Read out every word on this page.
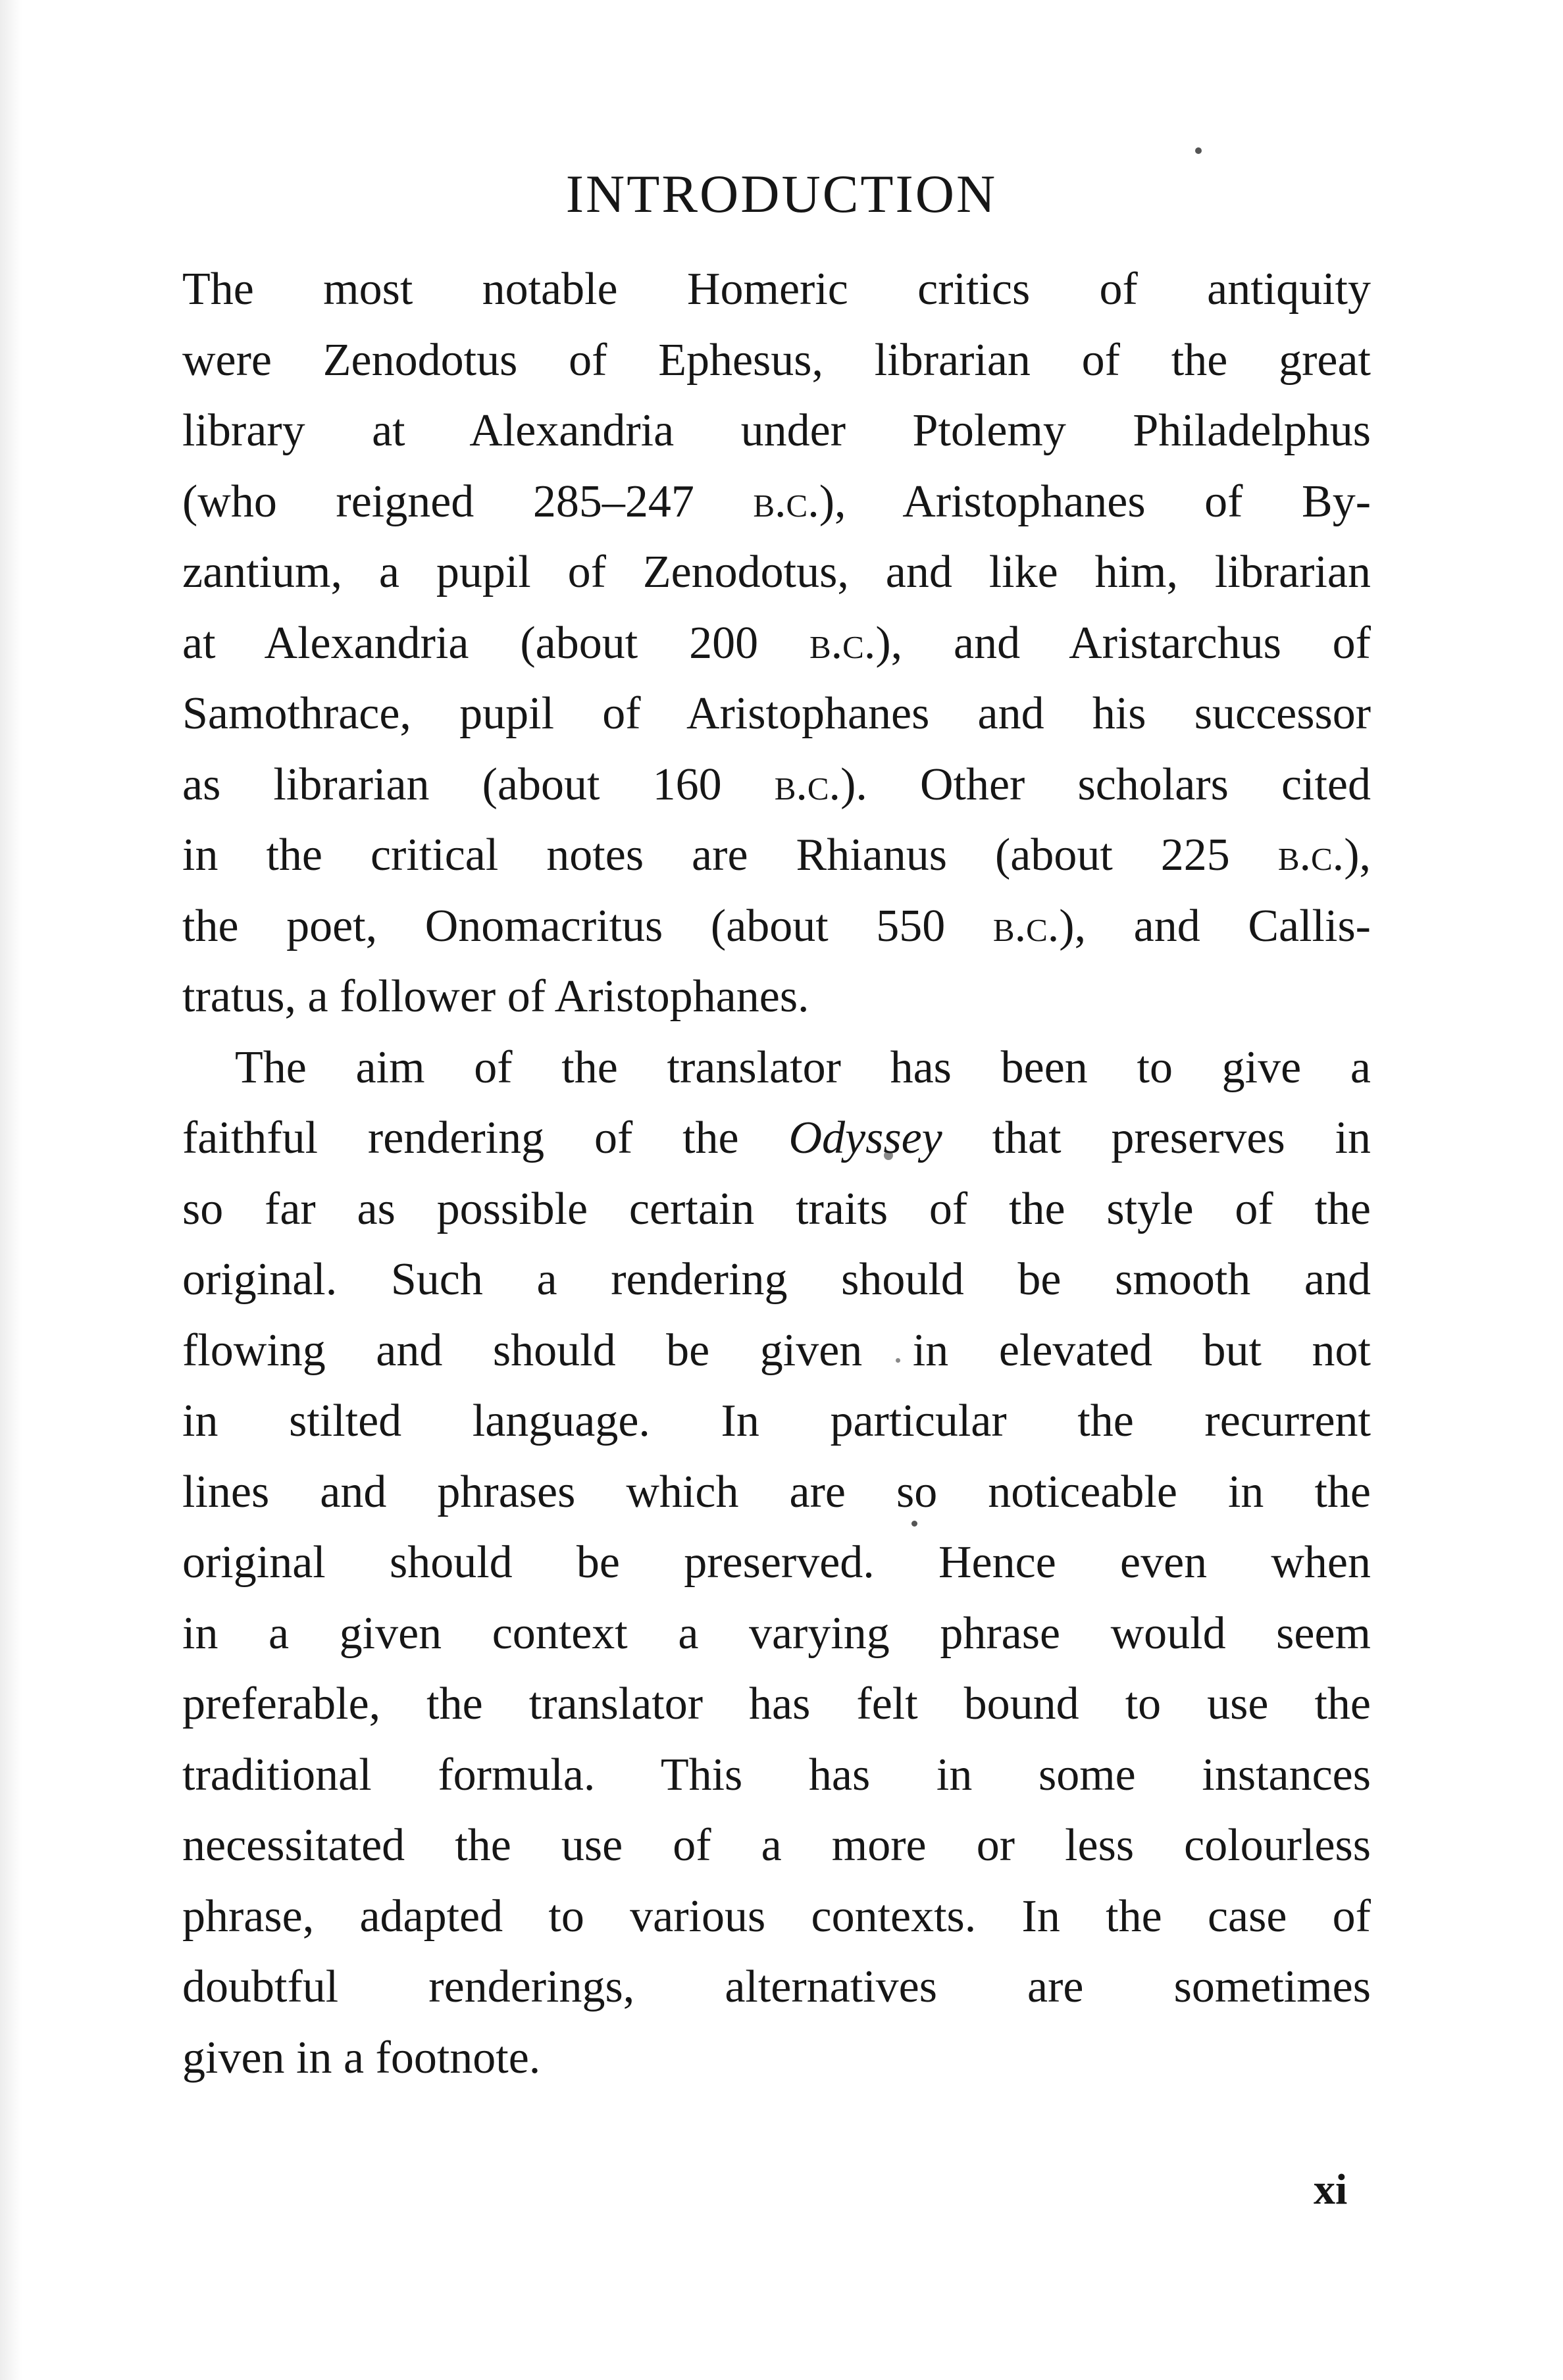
INTRODUCTION
The most notable Homeric critics of antiquity
were Zenodotus of Ephesus, librarian of the great
library at Alexandria under Ptolemy Philadelphus
(who reigned 285–247 b.c.), Aristophanes of By-
zantium, a pupil of Zenodotus, and like him, librarian
at Alexandria (about 200 b.c.), and Aristarchus of
Samothrace, pupil of Aristophanes and his successor
as librarian (about 160 b.c.). Other scholars cited
in the critical notes are Rhianus (about 225 b.c.),
the poet, Onomacritus (about 550 b.c.), and Callis-
tratus, a follower of Aristophanes.
The aim of the translator has been to give a
faithful rendering of the Odyssey that preserves in
so far as possible certain traits of the style of the
original. Such a rendering should be smooth and
flowing and should be given in elevated but not
in stilted language. In particular the recurrent
lines and phrases which are so noticeable in the
original should be preserved. Hence even when
in a given context a varying phrase would seem
preferable, the translator has felt bound to use the
traditional formula. This has in some instances
necessitated the use of a more or less colourless
phrase, adapted to various contexts. In the case of
doubtful renderings, alternatives are sometimes
given in a footnote.
xi
